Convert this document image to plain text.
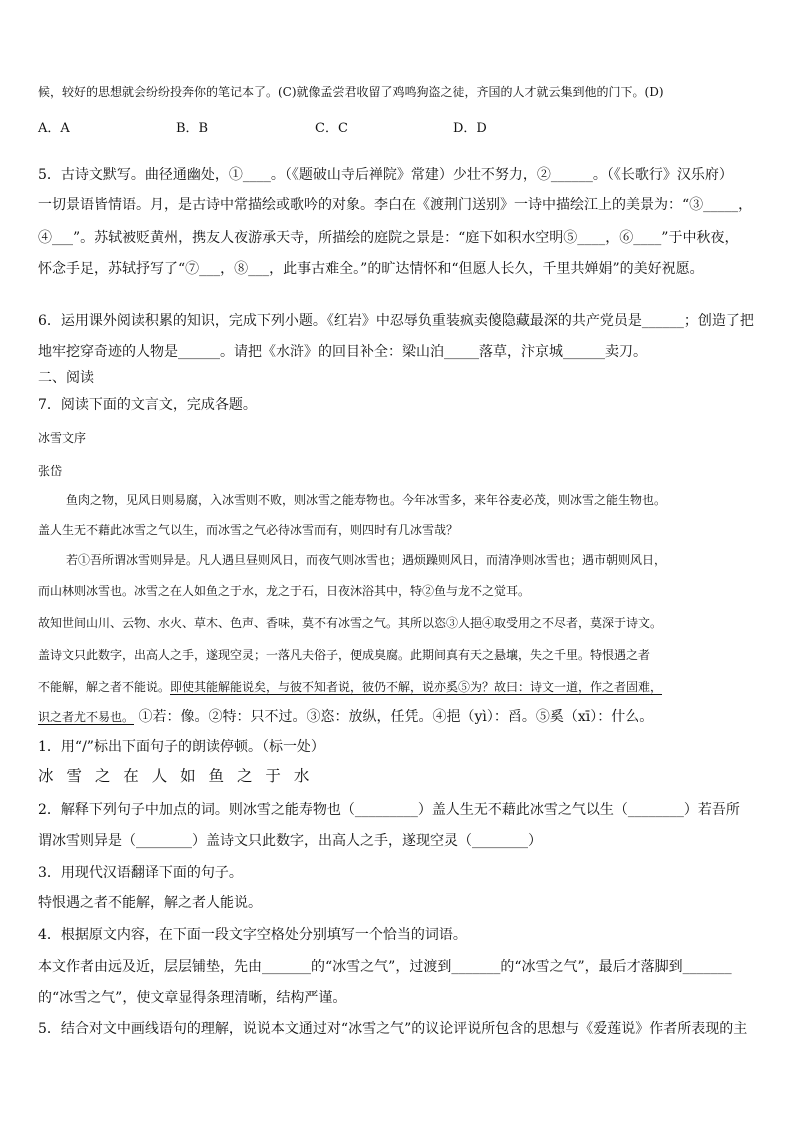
候，较好的思想就会纷纷投奔你的笔记本了。(C)就像孟尝君收留了鸡鸣狗盗之徒，齐国的人才就云集到他的门下。(D)
A．A	B．B	C．C	D．D
5．古诗文默写。曲径通幽处，①____。（《题破山寺后禅院》常建）少壮不努力，②______。（《长歌行》汉乐府）
一切景语皆情语。月，是古诗中常描绘或歌吟的对象。李白在《渡荆门送别》一诗中描绘江上的美景为：“③_____，
④___”。苏轼被贬黄州，携友人夜游承天寺，所描绘的庭院之景是：“庭下如积水空明⑤____，⑥____”于中秋夜，
怀念手足，苏轼抒写了“⑦___，⑧___，此事古难全。”的旷达情怀和“但愿人长久，千里共婵娟”的美好祝愿。
6．运用课外阅读积累的知识，完成下列小题。《红岩》中忍辱负重装疯卖傻隐藏最深的共产党员是______；创造了把
地牢挖穿奇迹的人物是______。请把《水浒》的回目补全：梁山泊_____落草，汴京城______卖刀。
二、阅读
7．阅读下面的文言文，完成各题。
冰雪文序
张岱
鱼肉之物，见风日则易腐，入冰雪则不败，则冰雪之能寿物也。今年冰雪多，来年谷麦必茂，则冰雪之能生物也。
盖人生无不藉此冰雪之气以生，而冰雪之气必待冰雪而有，则四时有几冰雪哉？
若①吾所谓冰雪则异是。凡人遇旦昼则风日，而夜气则冰雪也；遇烦躁则风日，而清净则冰雪也；遇市朝则风日，
而山林则冰雪也。冰雪之在人如鱼之于水，龙之于石，日夜沐浴其中，特②鱼与龙不之觉耳。
故知世间山川、云物、水火、草木、色声、香味，莫不有冰雪之气。其所以恣③人挹④取受用之不尽者，莫深于诗文。
盖诗文只此数字，出高人之手，遂现空灵；一落凡夫俗子，便成臭腐。此期间真有天之悬壤，失之千里。特恨遇之者
不能解，解之者不能说。即使其能解能说矣，与彼不知者说，彼仍不解，说亦奚⑤为？故曰：诗文一道，作之者固难，
识之者尤不易也。 ①若：像。②特：只不过。③恣：放纵，任凭。④挹（yì）：舀。⑤奚（xī）：什么。
1．用“/”标出下面句子的朗读停顿。（标一处）
冰 雪 之 在 人 如 鱼 之 于 水
2．解释下列句子中加点的词。则冰雪之能寿物也（_________）盖人生无不藉此冰雪之气以生（________）若吾所
谓冰雪则异是（________）盖诗文只此数字，出高人之手，遂现空灵（________）
3．用现代汉语翻译下面的句子。
特恨遇之者不能解，解之者人能说。
4．根据原文内容，在下面一段文字空格处分别填写一个恰当的词语。
本文作者由远及近，层层铺垫，先由_______的“冰雪之气”，过渡到_______的“冰雪之气”，最后才落脚到_______
的“冰雪之气”，使文章显得条理清晰，结构严谨。
5．结合对文中画线语句的理解，说说本文通过对“冰雪之气”的议论评说所包含的思想与《爱莲说》作者所表现的主
